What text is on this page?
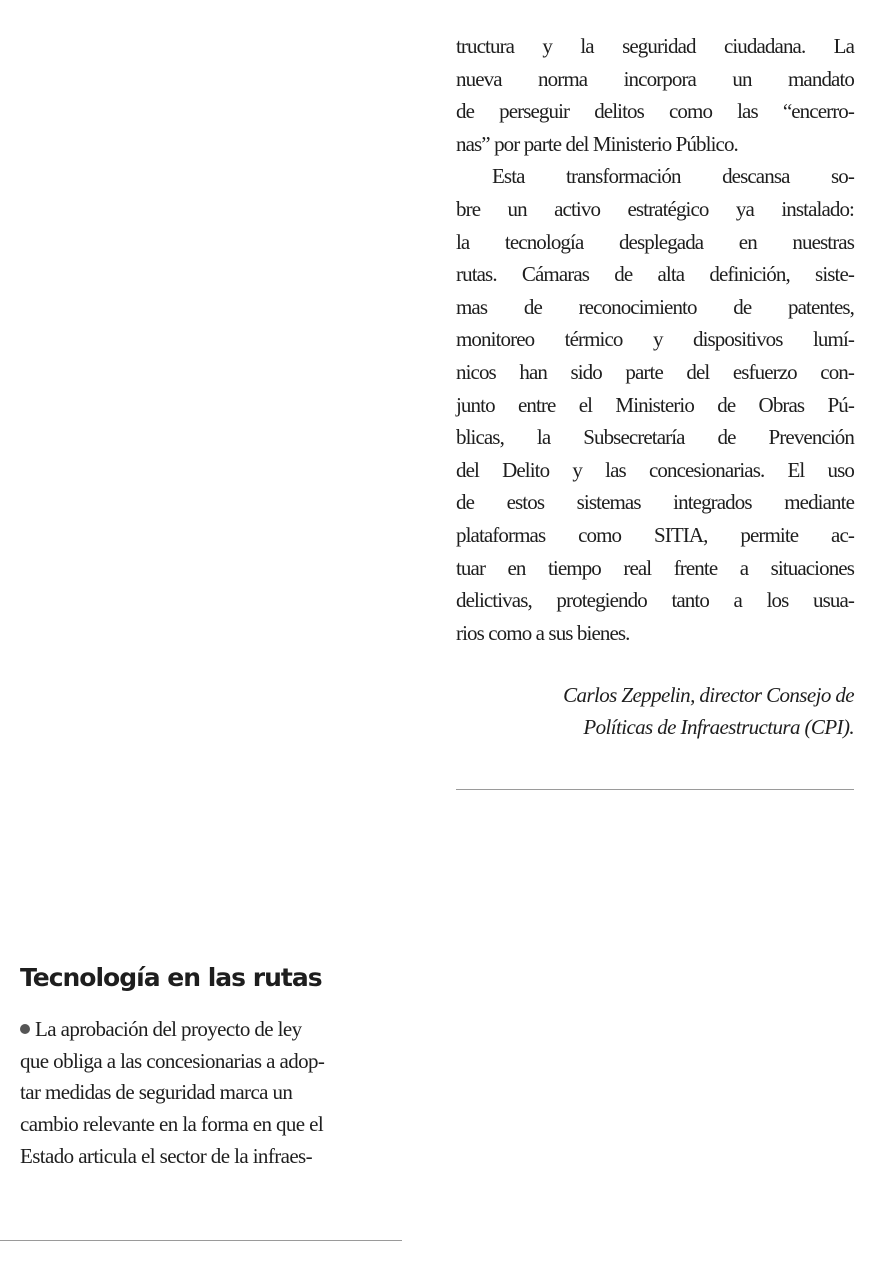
tructura y la seguridad ciudadana. La
nueva norma incorpora un mandato
de perseguir delitos como las “encerro-
nas” por parte del Ministerio Público.
Esta transformación descansa so-
bre un activo estratégico ya instalado:
la tecnología desplegada en nuestras
rutas. Cámaras de alta definición, siste-
mas de reconocimiento de patentes,
monitoreo térmico y dispositivos lumí-
nicos han sido parte del esfuerzo con-
junto entre el Ministerio de Obras Pú-
blicas, la Subsecretaría de Prevención
del Delito y las concesionarias. El uso
de estos sistemas integrados mediante
plataformas como SITIA, permite ac-
tuar en tiempo real frente a situaciones
delictivas, protegiendo tanto a los usua-
rios como a sus bienes.
Carlos Zeppelin, director Consejo de
Políticas de Infraestructura (CPI).
Tecnología en las rutas
La aprobación del proyecto de ley
que obliga a las concesionarias a adop-
tar medidas de seguridad marca un
cambio relevante en la forma en que el
Estado articula el sector de la infraes-
